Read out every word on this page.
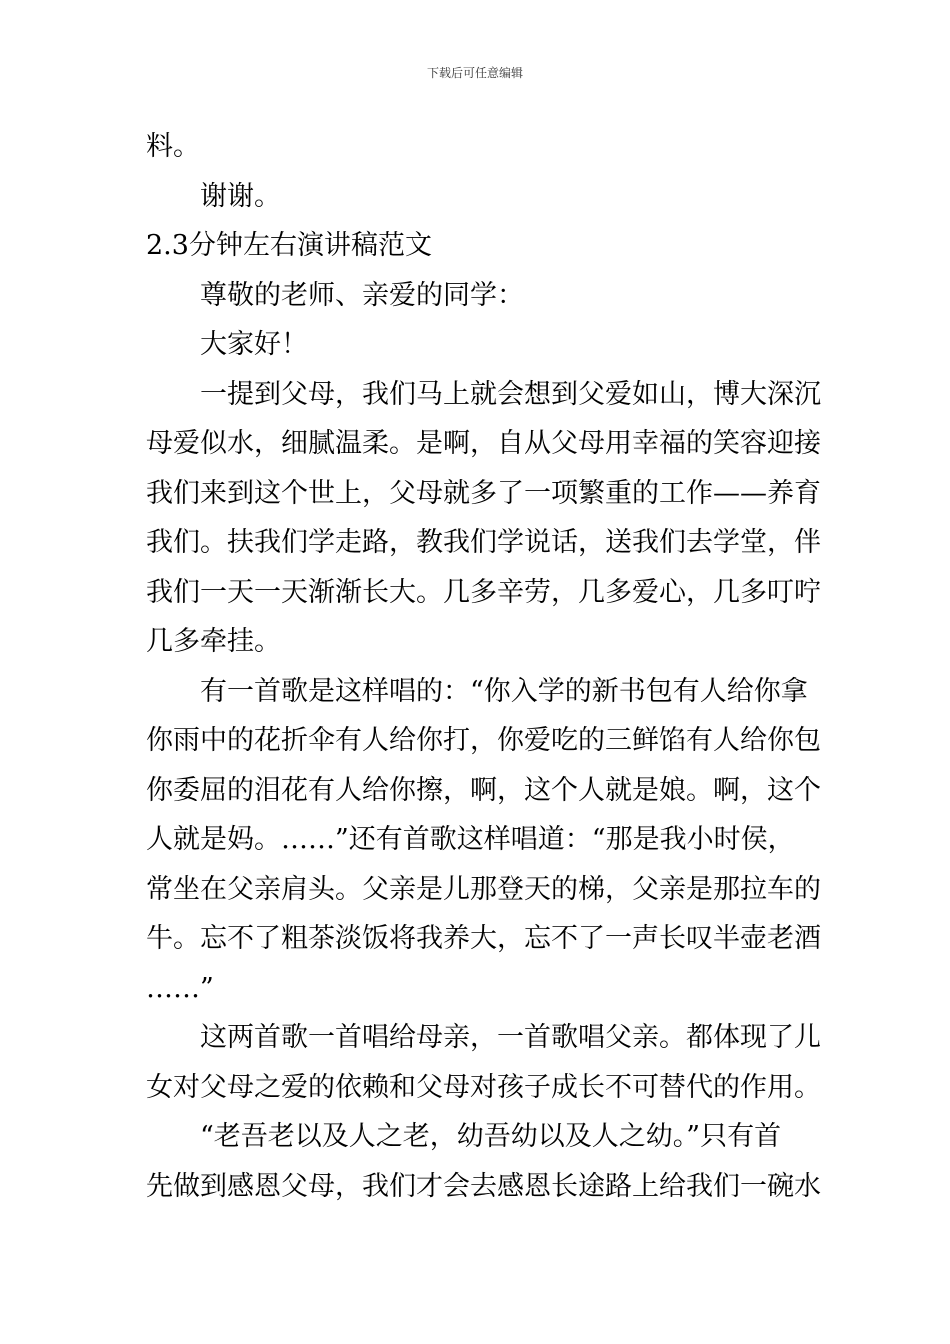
下载后可任意编辑
料。
谢谢。
2.3分钟左右演讲稿范文
尊敬的老师、亲爱的同学：
大家好！
一提到父母，我们马上就会想到父爱如山，博大深沉
母爱似水，细腻温柔。是啊，自从父母用幸福的笑容迎接
我们来到这个世上，父母就多了一项繁重的工作——养育
我们。扶我们学走路，教我们学说话，送我们去学堂，伴
我们一天一天渐渐长大。几多辛劳，几多爱心，几多叮咛
几多牵挂。
有一首歌是这样唱的：“你入学的新书包有人给你拿
你雨中的花折伞有人给你打，你爱吃的三鲜馅有人给你包
你委屈的泪花有人给你擦，啊，这个人就是娘。啊，这个
人就是妈。……”还有首歌这样唱道：“那是我小时侯，
常坐在父亲肩头。父亲是儿那登天的梯，父亲是那拉车的
牛。忘不了粗茶淡饭将我养大，忘不了一声长叹半壶老酒
……”
这两首歌一首唱给母亲，一首歌唱父亲。都体现了儿
女对父母之爱的依赖和父母对孩子成长不可替代的作用。
“老吾老以及人之老，幼吾幼以及人之幼。”只有首
先做到感恩父母，我们才会去感恩长途路上给我们一碗水
